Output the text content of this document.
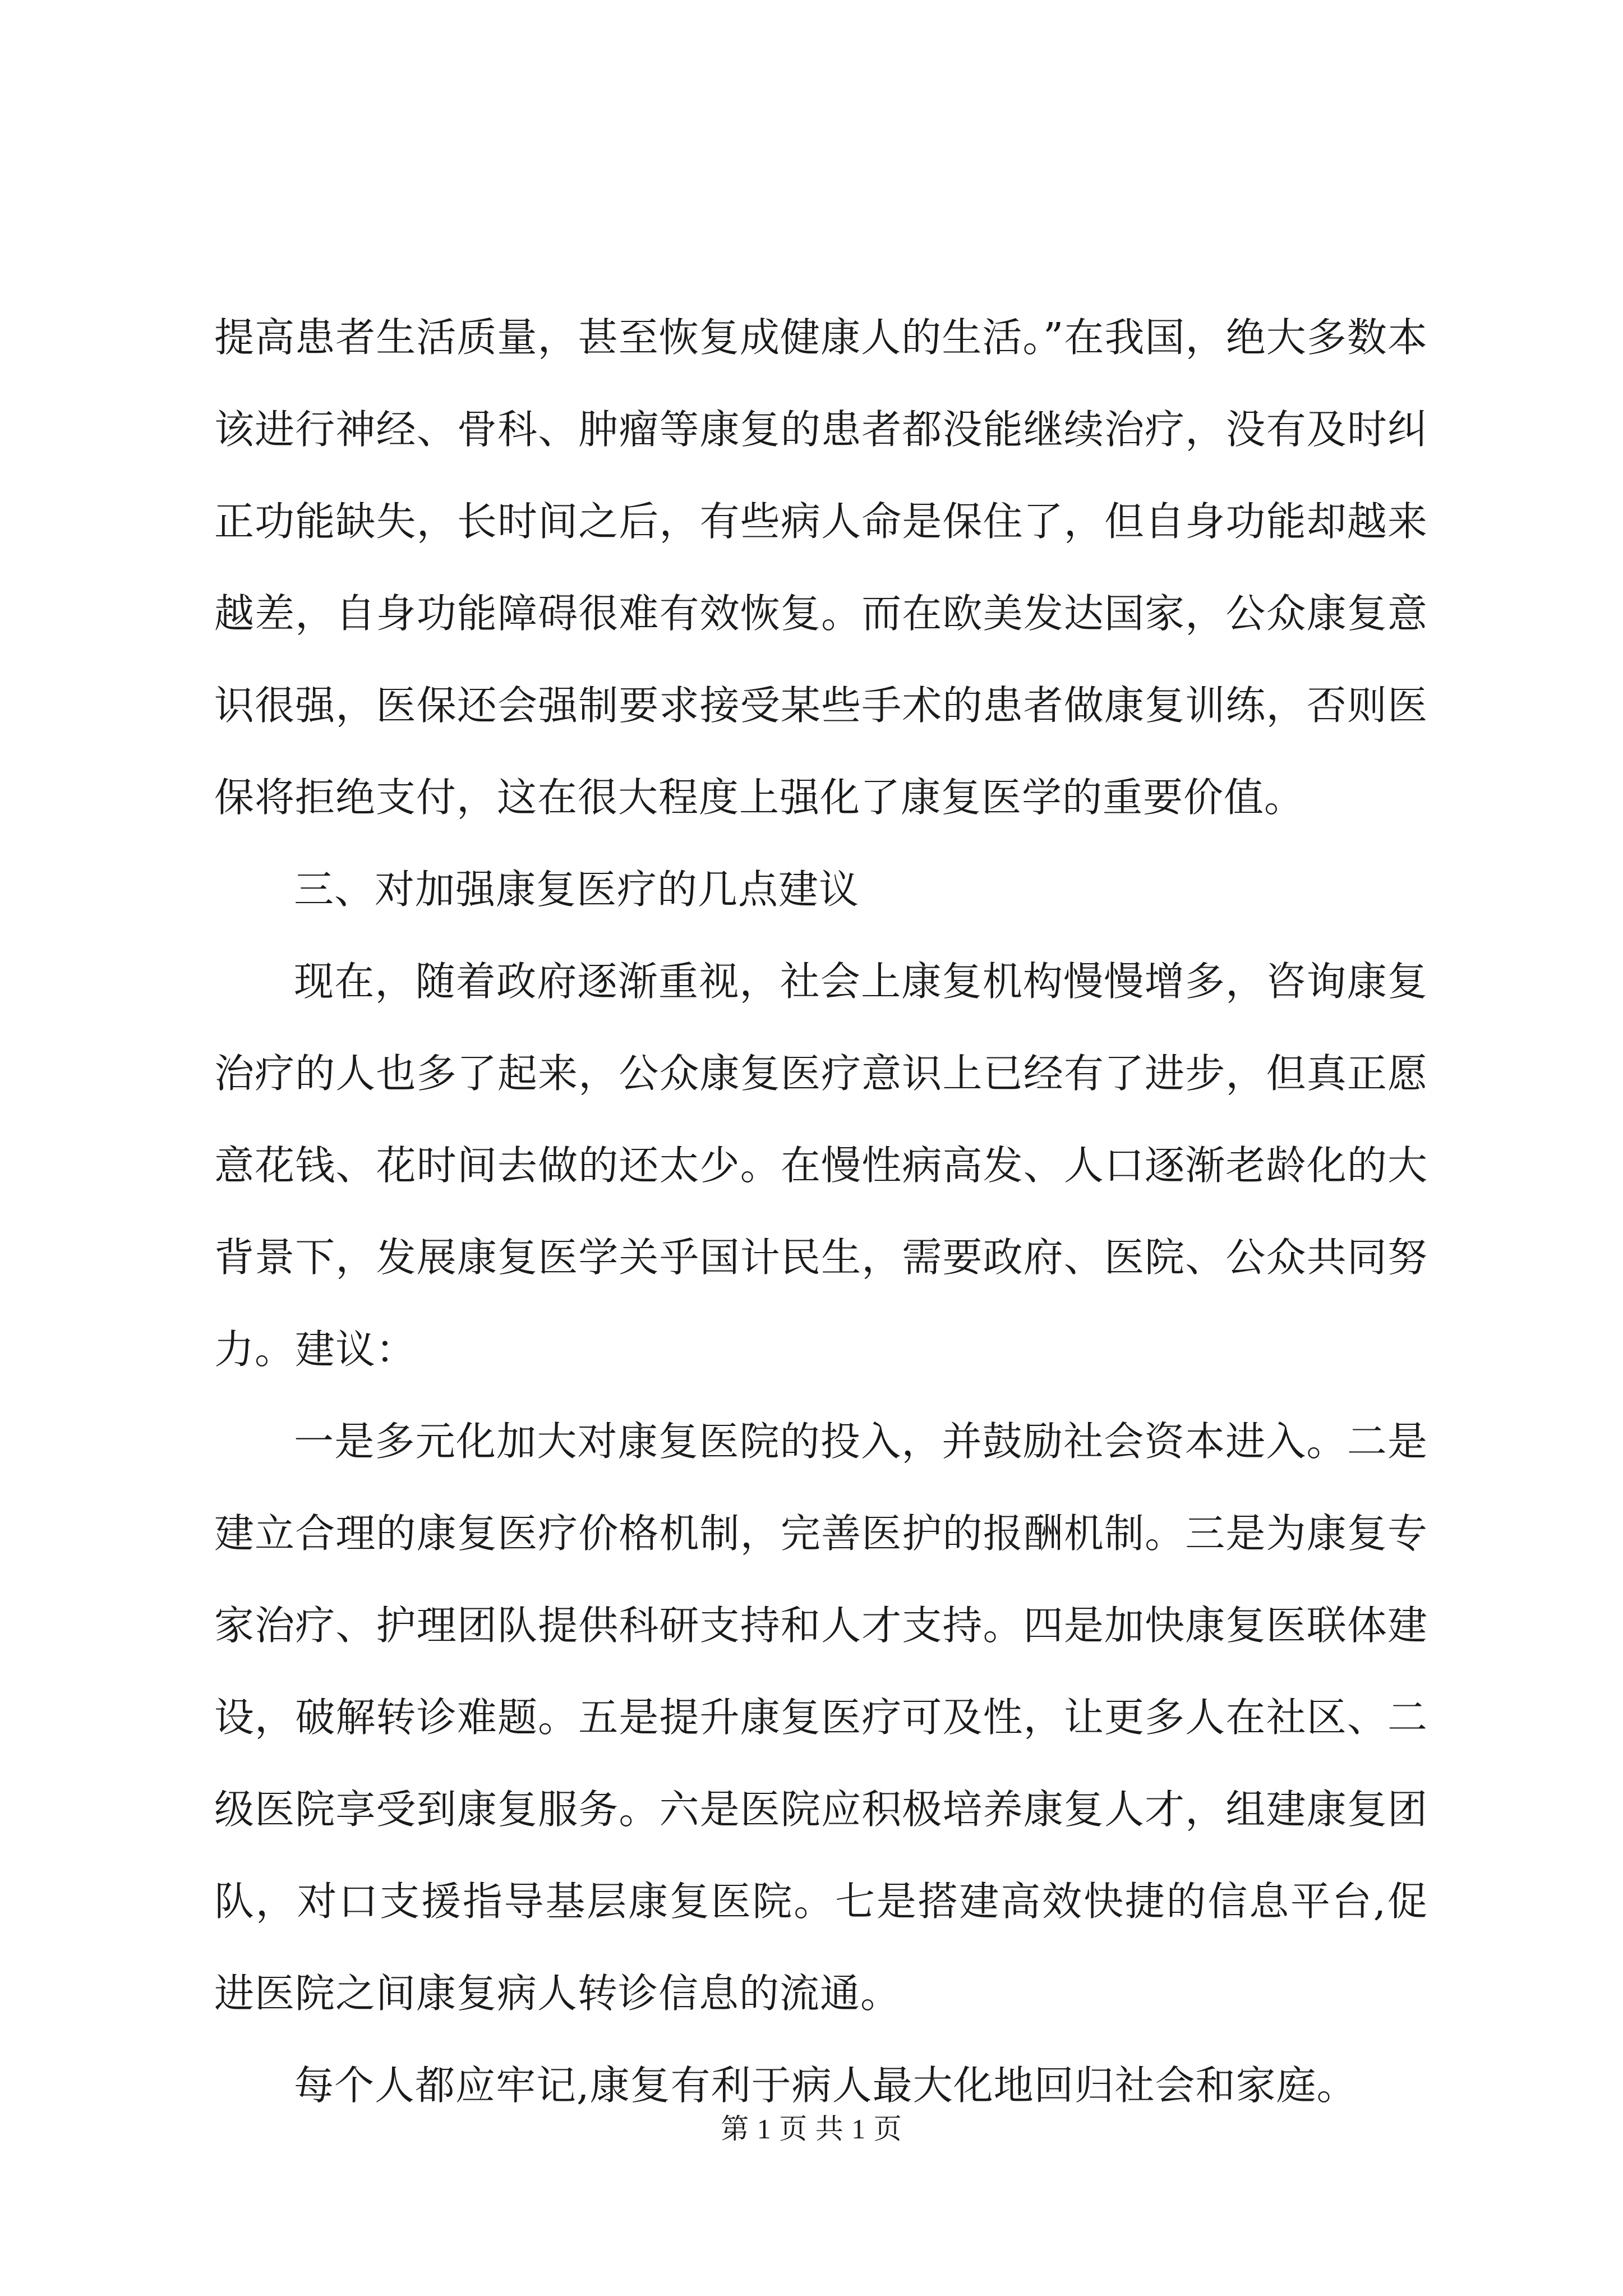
提高患者生活质量，甚至恢复成健康人的生活。”在我国，绝大多数本该进行神经、骨科、肿瘤等康复的患者都没能继续治疗，没有及时纠正功能缺失，长时间之后，有些病人命是保住了，但自身功能却越来越差，自身功能障碍很难有效恢复。而在欧美发达国家，公众康复意识很强，医保还会强制要求接受某些手术的患者做康复训练，否则医保将拒绝支付，这在很大程度上强化了康复医学的重要价值。

三、对加强康复医疗的几点建议

现在，随着政府逐渐重视，社会上康复机构慢慢增多，咨询康复治疗的人也多了起来，公众康复医疗意识上已经有了进步，但真正愿意花钱、花时间去做的还太少。在慢性病高发、人口逐渐老龄化的大背景下，发展康复医学关乎国计民生，需要政府、医院、公众共同努力。建议：

一是多元化加大对康复医院的投入，并鼓励社会资本进入。二是建立合理的康复医疗价格机制，完善医护的报酬机制。三是为康复专家治疗、护理团队提供科研支持和人才支持。四是加快康复医联体建设，破解转诊难题。五是提升康复医疗可及性，让更多人在社区、二级医院享受到康复服务。六是医院应积极培养康复人才，组建康复团队，对口支援指导基层康复医院。七是搭建高效快捷的信息平台,促进医院之间康复病人转诊信息的流通。

每个人都应牢记,康复有利于病人最大化地回归社会和家庭。

第 1 页 共 1 页
